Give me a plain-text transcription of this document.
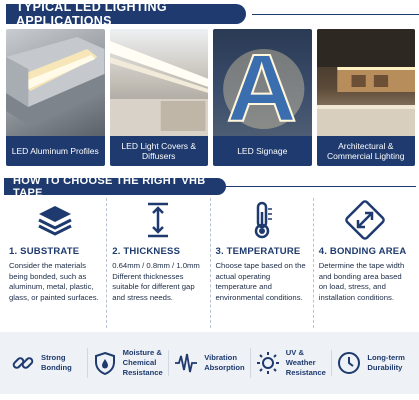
TYPICAL LED LIGHTING APPLICATIONS
LED Aluminum Profiles	LED Light Covers & Diffusers
A
LED Signage	Architectural & Commercial Lighting
HOW TO CHOOSE THE RIGHT VHB TAPE
1. SUBSTRATE

Consider the materials being bonded, such as aluminum, metal, plastic, glass, or painted surfaces.

2. THICKNESS

0.64mm / 0.8mm / 1.0mm Different thicknesses suitable for different gap and stress needs.

3. TEMPERATURE

Choose tape based on the actual operating temperature and environmental conditions.

4. BONDING AREA

Determine the tape width and bonding area based on load, stress, and installation conditions.

Strong Bonding
Moisture & Chemical Resistance
Vibration Absorption
UV & Weather Resistance
Long-term Durability
